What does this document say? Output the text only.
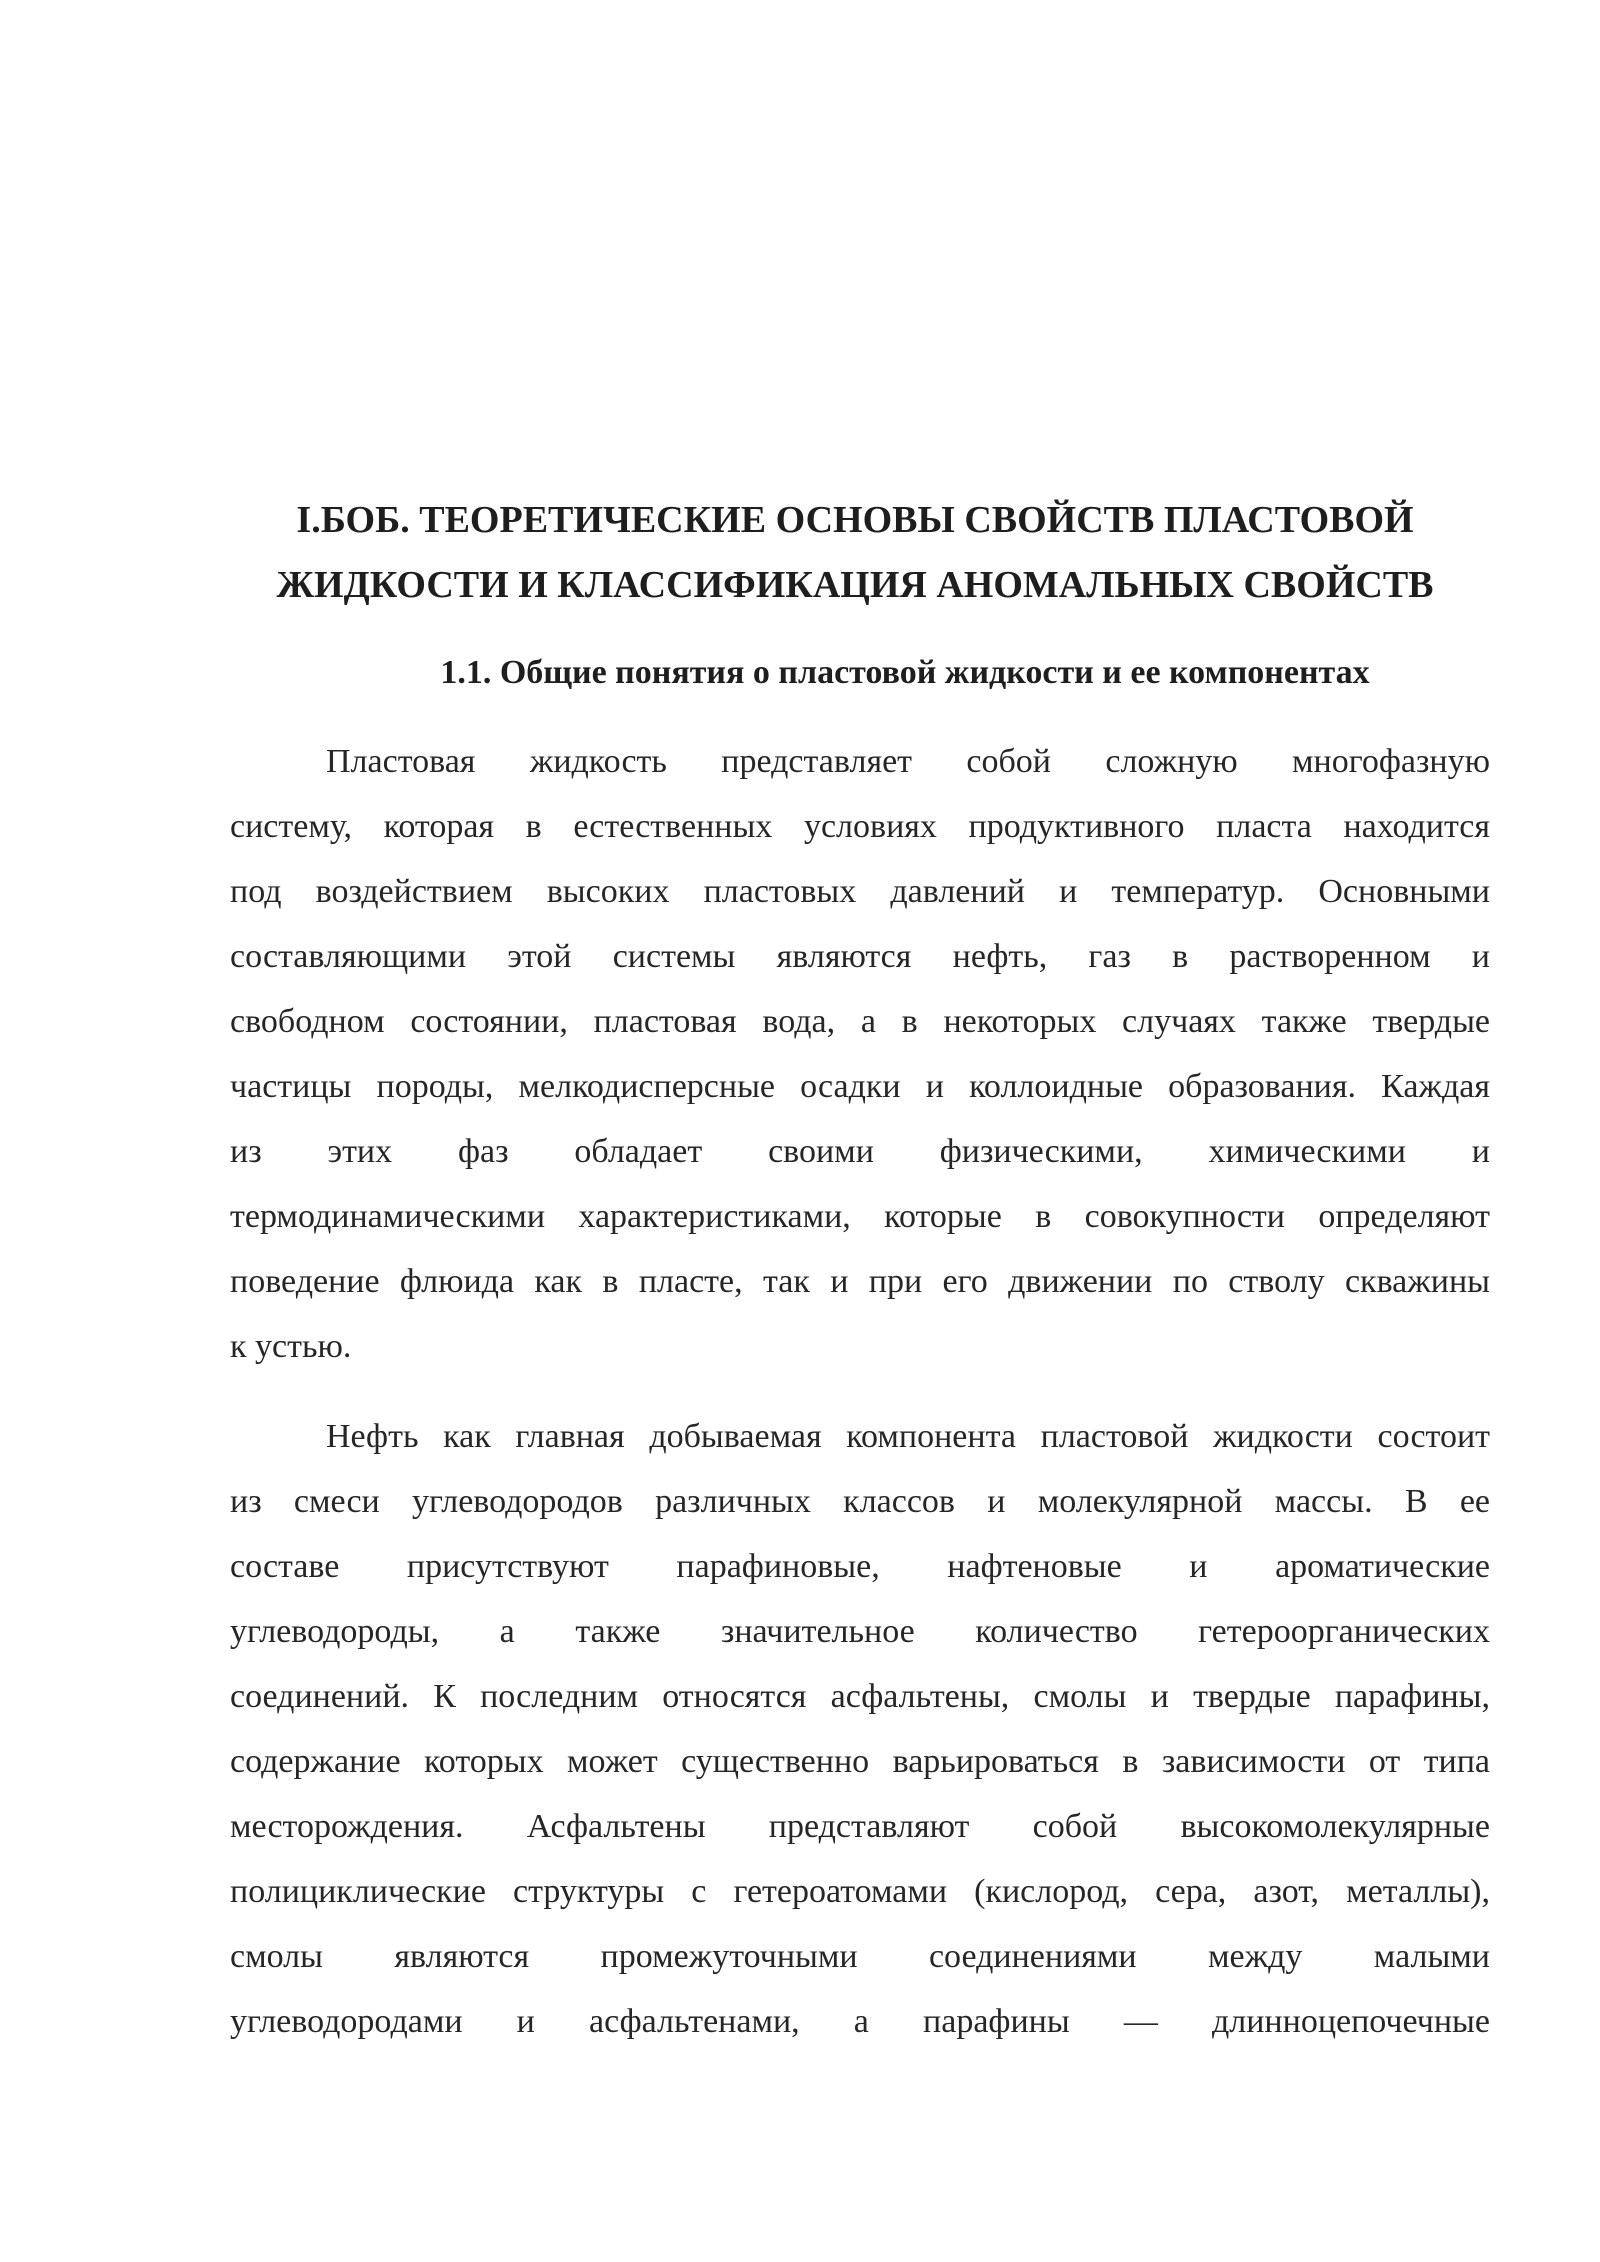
I.БОБ. ТЕОРЕТИЧЕСКИЕ ОСНОВЫ СВОЙСТВ ПЛАСТОВОЙ
ЖИДКОСТИ И КЛАССИФИКАЦИЯ АНОМАЛЬНЫХ СВОЙСТВ
1.1. Общие понятия о пластовой жидкости и ее компонентах

Пластовая жидкость представляет собой сложную многофазную
систему, которая в естественных условиях продуктивного пласта находится
под воздействием высоких пластовых давлений и температур. Основными
составляющими этой системы являются нефть, газ в растворенном и
свободном состоянии, пластовая вода, а в некоторых случаях также твердые
частицы породы, мелкодисперсные осадки и коллоидные образования. Каждая
из этих фаз обладает своими физическими, химическими и
термодинамическими характеристиками, которые в совокупности определяют
поведение флюида как в пласте, так и при его движении по стволу скважины
к устью.

Нефть как главная добываемая компонента пластовой жидкости состоит
из смеси углеводородов различных классов и молекулярной массы. В ее
составе присутствуют парафиновые, нафтеновые и ароматические
углеводороды, а также значительное количество гетероорганических
соединений. К последним относятся асфальтены, смолы и твердые парафины,
содержание которых может существенно варьироваться в зависимости от типа
месторождения. Асфальтены представляют собой высокомолекулярные
полициклические структуры с гетероатомами (кислород, сера, азот, металлы),
смолы являются промежуточными соединениями между малыми
углеводородами и асфальтенами, а парафины — длинноцепочечные
